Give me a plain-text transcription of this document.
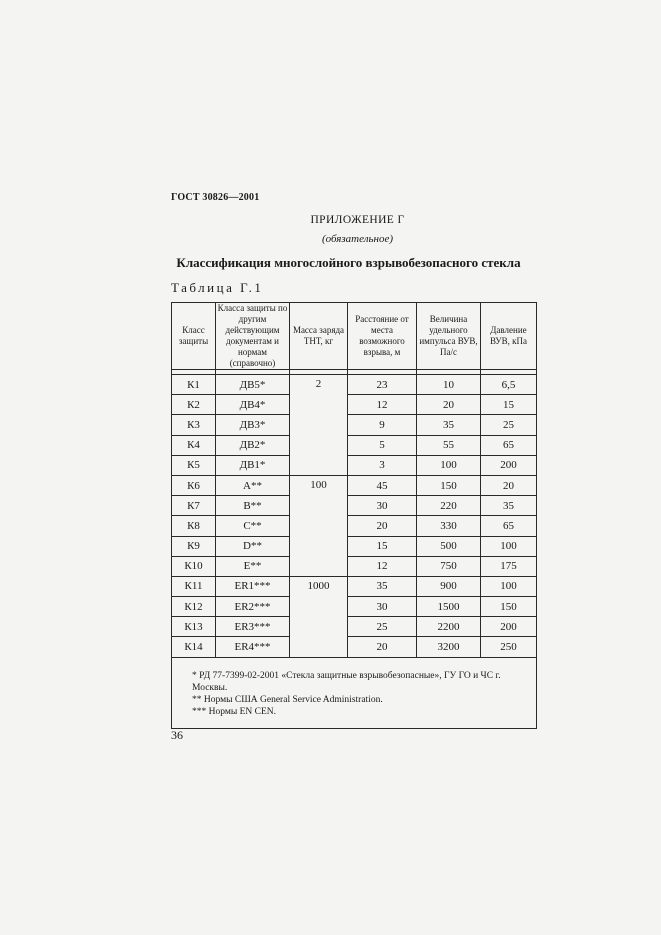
ГОСТ 30826—2001
ПРИЛОЖЕНИЕ Г
(обязательное)
Классификация многослойного взрывобезопасного стекла
Таблица Г.1
Класс защиты	Класса защиты по другим действующим документам и нормам (справочно)	Масса заряда ТНТ, кг	Расстояние от места возможного взрыва, м	Величина удельного импульса ВУВ, Па/с	Давление ВУВ, кПа

К1	ДВ5*	2	23	10	6,5
К2	ДВ4*		12	20	15
К3	ДВ3*		9	35	25
К4	ДВ2*		5	55	65
К5	ДВ1*		3	100	200
К6	А**	100	45	150	20
К7	В**		30	220	35
К8	С**		20	330	65
К9	D**		15	500	100
К10	Е**		12	750	175
К11	ER1***	1000	35	900	100
К12	ER2***		30	1500	150
К13	ER3***		25	2200	200
К14	ER4***		20	3200	250

* РД 77-7399-02-2001 «Стекла защитные взрывобезопасные», ГУ ГО и ЧС г. Москвы.
** Нормы США General Service Administration.
*** Нормы EN CEN.					
36
